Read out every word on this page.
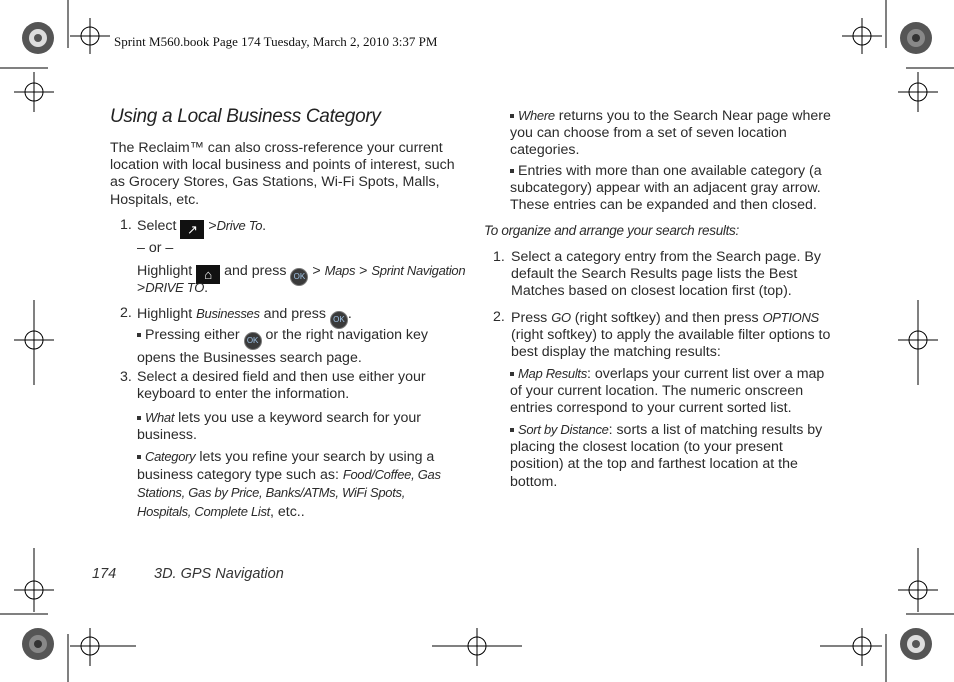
Sprint M560.book Page 174 Tuesday, March 2, 2010 3:37 PM
Using a Local Business Category
The Reclaim™ can also cross-reference your current location with local business and points of interest, such as Grocery Stores, Gas Stations, Wi-Fi Spots, Malls, Hospitals, etc.
1. Select ↗ >Drive To.
– or –
Highlight ⌂ and press OK > Maps > Sprint Navigation
>DRIVE TO.
2. Highlight Businesses and press OK .
Pressing either OK or the right navigation key opens the Businesses search page.
3. Select a desired field and then use either your keyboard to enter the information.
What lets you use a keyword search for your business.
Category lets you refine your search by using a business category type such as: Food/Coffee, Gas Stations, Gas by Price, Banks/ATMs, WiFi Spots, Hospitals, Complete List, etc..
Where returns you to the Search Near page where you can choose from a set of seven location categories.
Entries with more than one available category (a subcategory) appear with an adjacent gray arrow. These entries can be expanded and then closed.
To organize and arrange your search results:
1. Select a category entry from the Search page. By default the Search Results page lists the Best Matches based on closest location first (top).
2. Press GO (right softkey) and then press OPTIONS (right softkey) to apply the available filter options to best display the matching results:
Map Results: overlaps your current list over a map of your current location. The numeric onscreen entries correspond to your current sorted list.
Sort by Distance: sorts a list of matching results by placing the closest location (to your present position) at the top and farthest location at the bottom.
174	3D. GPS Navigation
